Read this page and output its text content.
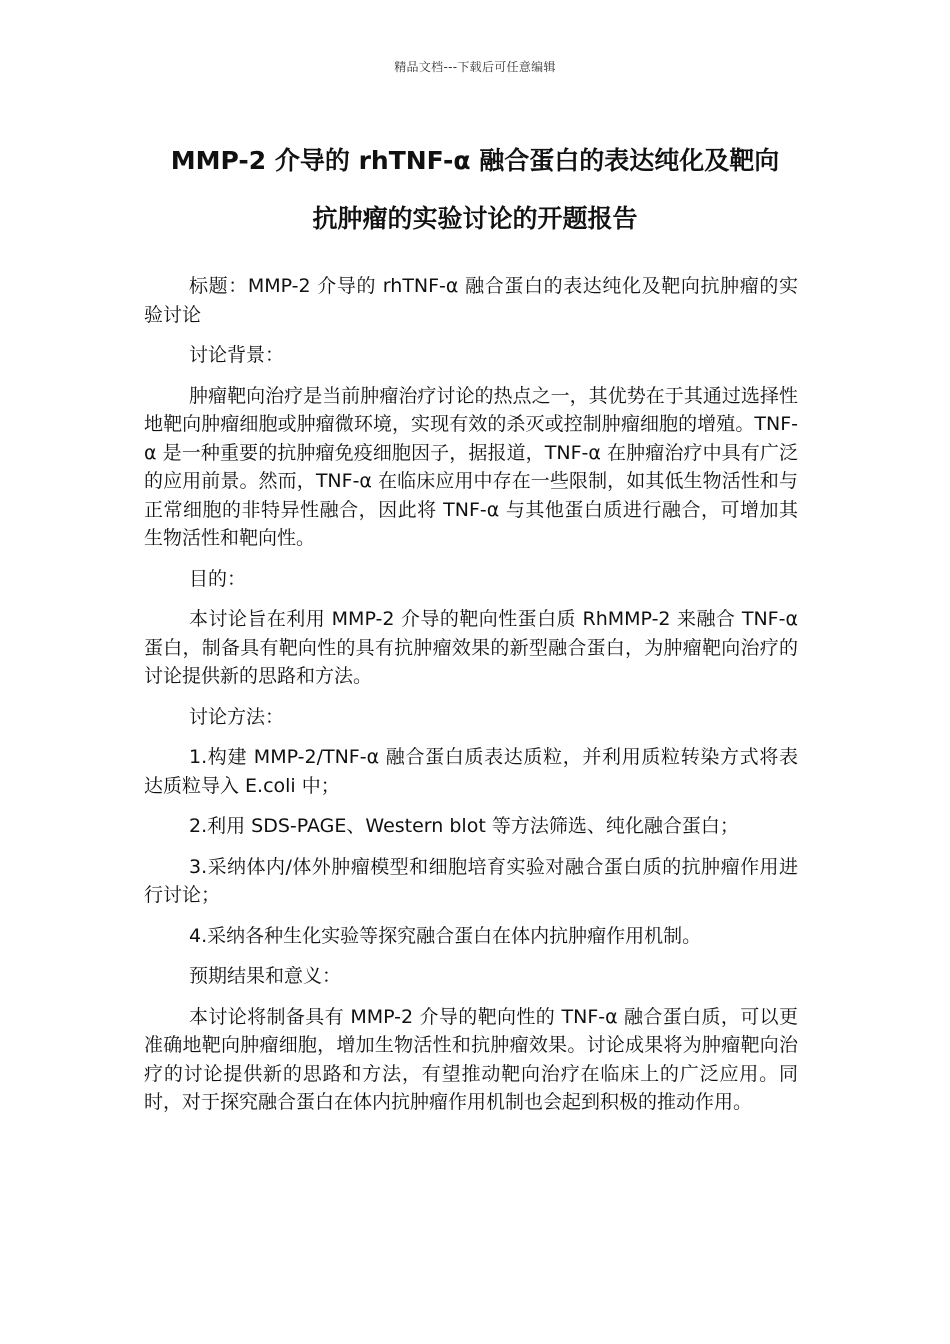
精品文档---下载后可任意编辑
MMP-2 介导的 rhTNF-α 融合蛋白的表达纯化及靶向
抗肿瘤的实验讨论的开题报告

标题：MMP-2 介导的 rhTNF-α 融合蛋白的表达纯化及靶向抗肿瘤的实验讨论

讨论背景：

肿瘤靶向治疗是当前肿瘤治疗讨论的热点之一，其优势在于其通过选择性地靶向肿瘤细胞或肿瘤微环境，实现有效的杀灭或控制肿瘤细胞的增殖。TNF-α 是一种重要的抗肿瘤免疫细胞因子，据报道，TNF-α 在肿瘤治疗中具有广泛的应用前景。然而，TNF-α 在临床应用中存在一些限制，如其低生物活性和与正常细胞的非特异性融合，因此将 TNF-α 与其他蛋白质进行融合，可增加其生物活性和靶向性。

目的：

本讨论旨在利用 MMP-2 介导的靶向性蛋白质 RhMMP-2 来融合 TNF-α 蛋白，制备具有靶向性的具有抗肿瘤效果的新型融合蛋白，为肿瘤靶向治疗的讨论提供新的思路和方法。

讨论方法：

1.构建 MMP-2/TNF-α 融合蛋白质表达质粒，并利用质粒转染方式将表达质粒导入 E.coli 中；

2.利用 SDS-PAGE、Western blot 等方法筛选、纯化融合蛋白；

3.采纳体内/体外肿瘤模型和细胞培育实验对融合蛋白质的抗肿瘤作用进行讨论；

4.采纳各种生化实验等探究融合蛋白在体内抗肿瘤作用机制。

预期结果和意义：

本讨论将制备具有 MMP-2 介导的靶向性的 TNF-α 融合蛋白质，可以更准确地靶向肿瘤细胞，增加生物活性和抗肿瘤效果。讨论成果将为肿瘤靶向治疗的讨论提供新的思路和方法，有望推动靶向治疗在临床上的广泛应用。同时，对于探究融合蛋白在体内抗肿瘤作用机制也会起到积极的推动作用。
